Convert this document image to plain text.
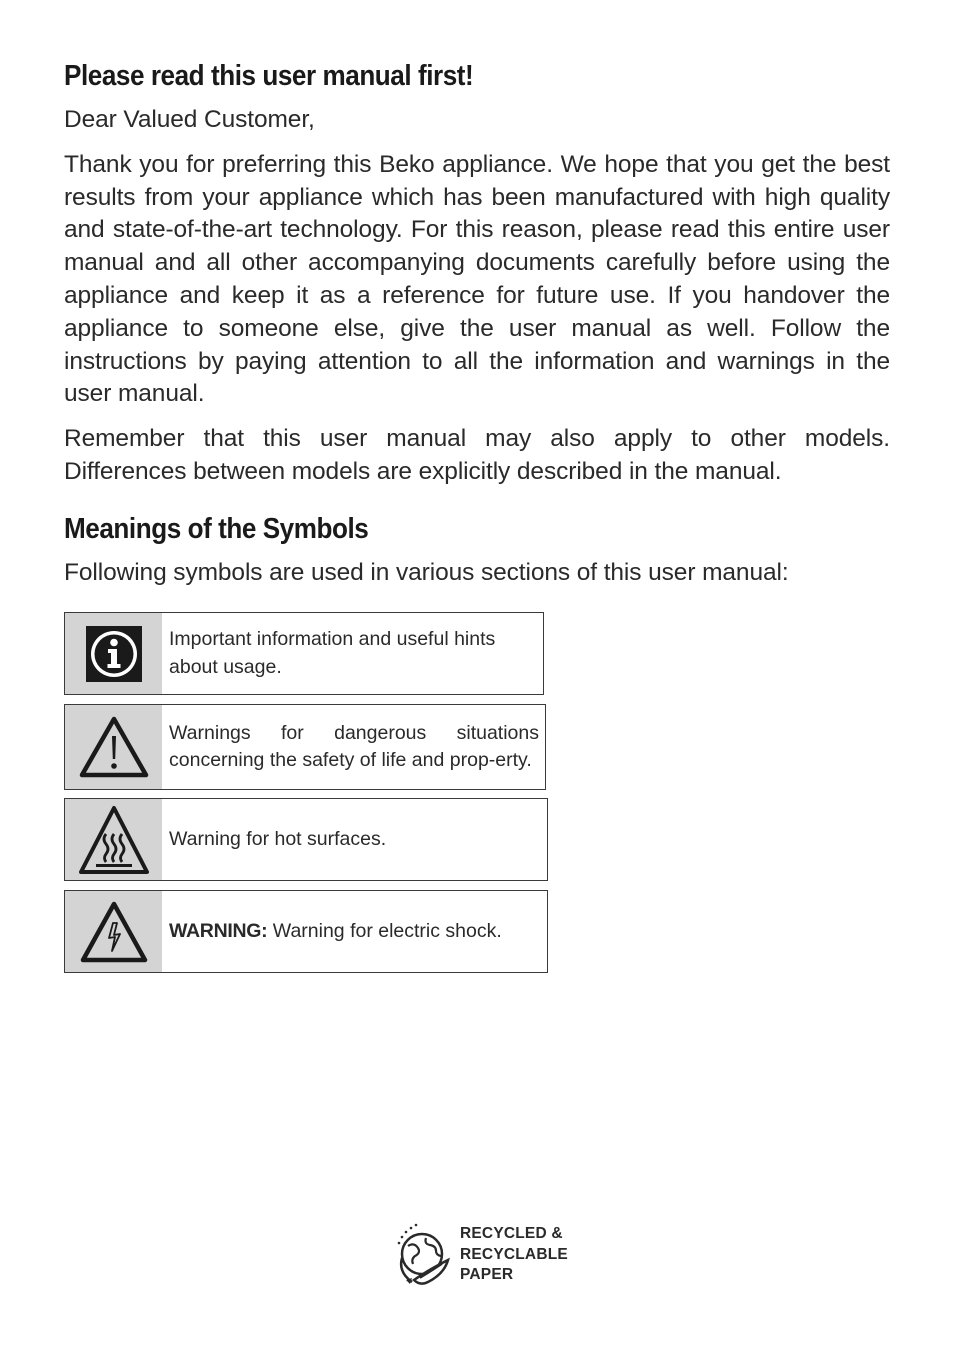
Please read this user manual first!

Dear Valued Customer,

Thank you for preferring this Beko appliance. We hope that you get the best results from your appliance which has been manufactured with high quality and state-of-the-art technology. For this reason, please read this entire user manual and all other accompanying documents carefully before using the appliance and keep it as a reference for future use. If you handover the appliance to someone else, give the user manual as well. Follow the instructions by paying attention to all the information and warnings in the user manual.

Remember that this user manual may also apply to other models. Differences between models are explicitly described in the manual.

Meanings of the Symbols

Following symbols are used in various sections of this user manual:

Important information and useful hints about usage.
Warnings for dangerous situations concerning the safety of life and prop-erty.
Warning for hot surfaces.
WARNING: Warning for electric shock.
RECYCLED &
RECYCLABLE
PAPER
